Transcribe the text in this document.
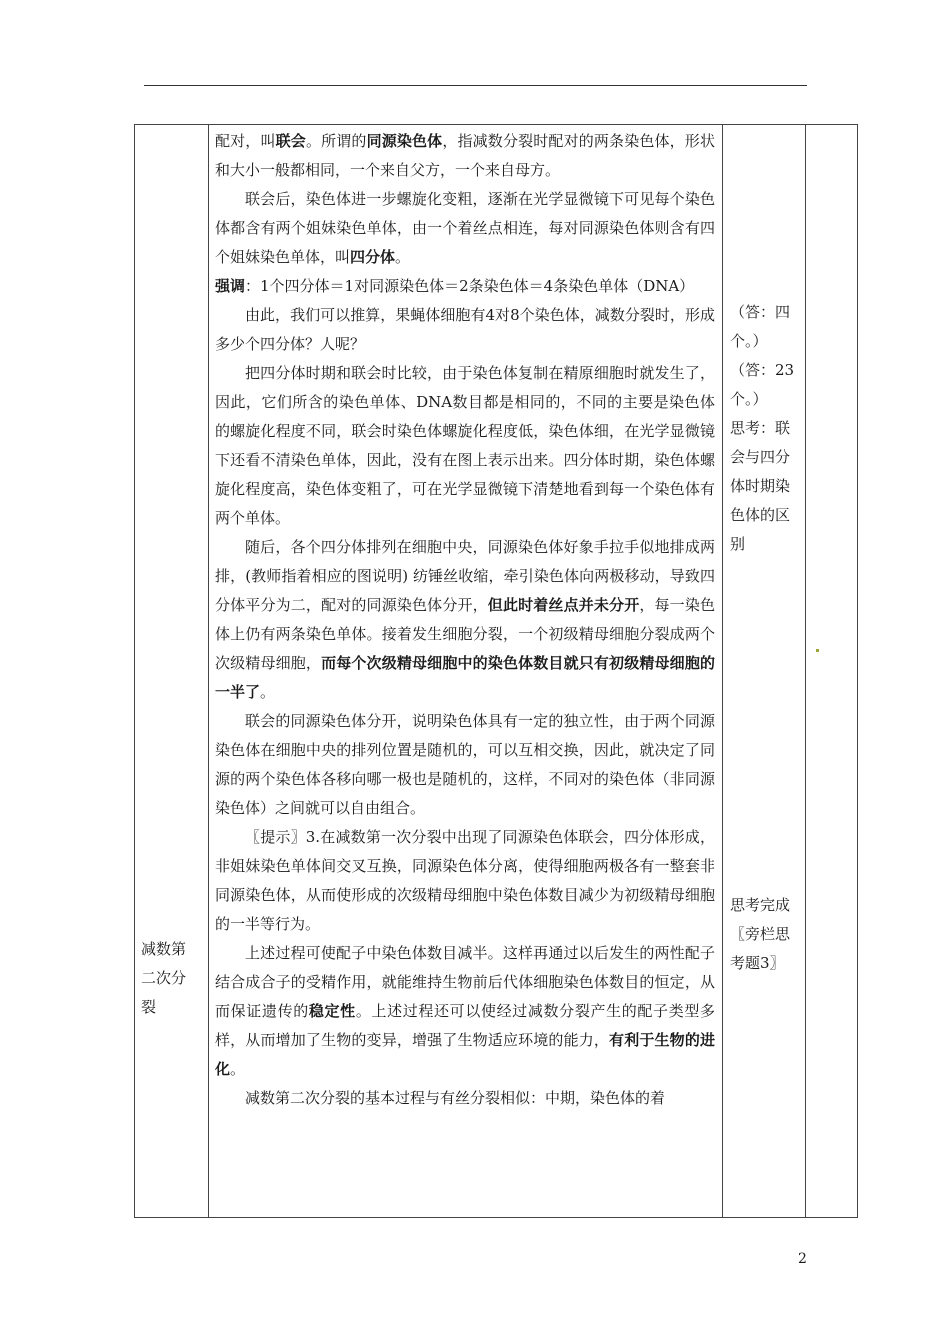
减数第
二次分
裂

配对，叫联会。所谓的同源染色体，指减数分裂时配对的两条染色体，形状和大小一般都相同，一个来自父方，一个来自母方。

联会后，染色体进一步螺旋化变粗，逐渐在光学显微镜下可见每个染色体都含有两个姐妹染色单体，由一个着丝点相连，每对同源染色体则含有四个姐妹染色单体，叫四分体。

强调：1个四分体＝1对同源染色体＝2条染色体＝4条染色单体（DNA）

由此，我们可以推算，果蝇体细胞有4对8个染色体，减数分裂时，形成多少个四分体？人呢？

把四分体时期和联会时比较，由于染色体复制在精原细胞时就发生了，因此，它们所含的染色单体、DNA数目都是相同的，不同的主要是染色体的螺旋化程度不同，联会时染色体螺旋化程度低，染色体细，在光学显微镜下还看不清染色单体，因此，没有在图上表示出来。四分体时期，染色体螺旋化程度高，染色体变粗了，可在光学显微镜下清楚地看到每一个染色体有两个单体。

随后，各个四分体排列在细胞中央，同源染色体好象手拉手似地排成两排，(教师指着相应的图说明) 纺锤丝收缩，牵引染色体向两极移动，导致四分体平分为二，配对的同源染色体分开，但此时着丝点并未分开，每一染色体上仍有两条染色单体。接着发生细胞分裂，一个初级精母细胞分裂成两个次级精母细胞，而每个次级精母细胞中的染色体数目就只有初级精母细胞的一半了。

联会的同源染色体分开，说明染色体具有一定的独立性，由于两个同源染色体在细胞中央的排列位置是随机的，可以互相交换，因此，就决定了同源的两个染色体各移向哪一极也是随机的，这样，不同对的染色体（非同源染色体）之间就可以自由组合。

〖提示〗3.在减数第一次分裂中出现了同源染色体联会，四分体形成，非姐妹染色单体间交叉互换，同源染色体分离，使得细胞两极各有一整套非同源染色体，从而使形成的次级精母细胞中染色体数目减少为初级精母细胞的一半等行为。

上述过程可使配子中染色体数目减半。这样再通过以后发生的两性配子结合成合子的受精作用，就能维持生物前后代体细胞染色体数目的恒定，从而保证遗传的稳定性。上述过程还可以使经过减数分裂产生的配子类型多样，从而增加了生物的变异，增强了生物适应环境的能力，有利于生物的进化。

减数第二次分裂的基本过程与有丝分裂相似：中期，染色体的着

（答：四个。）

（答：23个。）

思考：联会与四分体时期染色体的区别

思考完成〖旁栏思考题3〗

2
